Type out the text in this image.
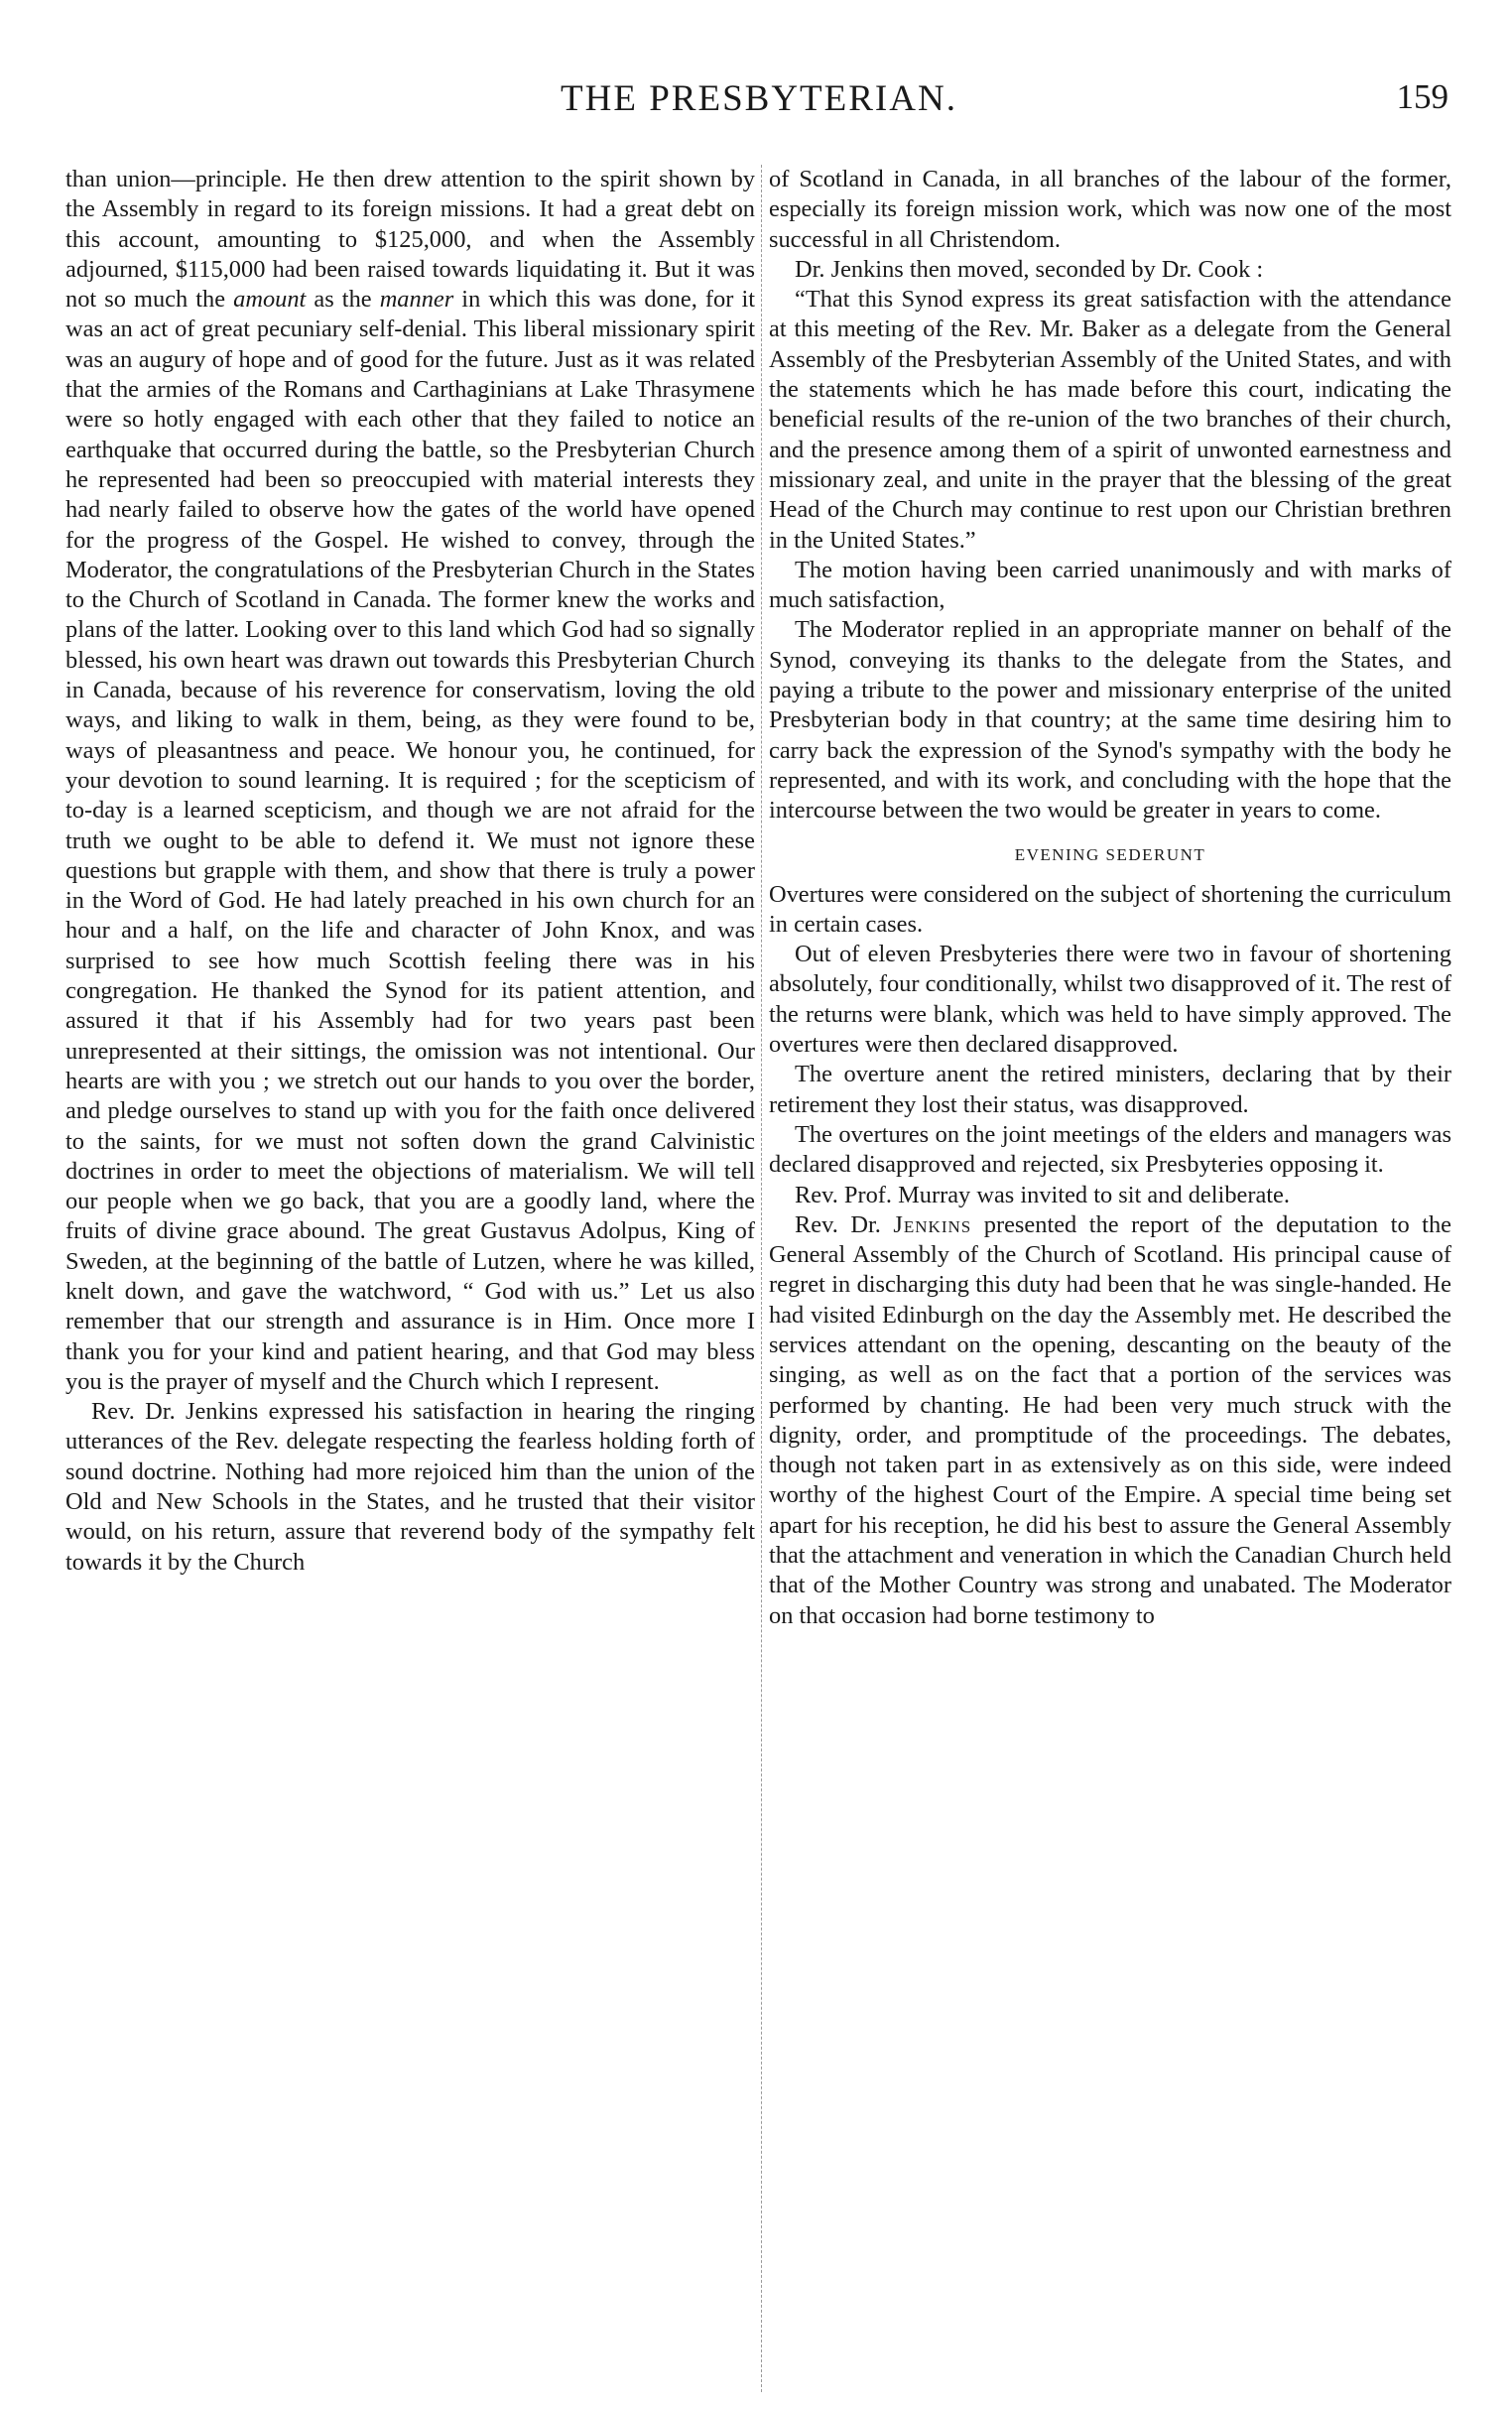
THE PRESBYTERIAN.	159

than union—principle. He then drew attention to the spirit shown by the Assembly in regard to its foreign missions. It had a great debt on this account, amounting to $125,000, and when the Assembly adjourned, $115,000 had been raised towards liquidating it. But it was not so much the amount as the manner in which this was done, for it was an act of great pecuniary self-denial. This liberal missionary spirit was an augury of hope and of good for the future. Just as it was related that the armies of the Romans and Carthaginians at Lake Thrasymene were so hotly engaged with each other that they failed to notice an earthquake that occurred during the battle, so the Presbyterian Church he represented had been so preoccupied with material interests they had nearly failed to observe how the gates of the world have opened for the progress of the Gospel. He wished to convey, through the Moderator, the congratulations of the Presbyterian Church in the States to the Church of Scotland in Canada. The former knew the works and plans of the latter. Looking over to this land which God had so signally blessed, his own heart was drawn out towards this Presbyterian Church in Canada, because of his reverence for conservatism, loving the old ways, and liking to walk in them, being, as they were found to be, ways of pleasantness and peace. We honour you, he continued, for your devotion to sound learning. It is required ; for the scepticism of to-day is a learned scepticism, and though we are not afraid for the truth we ought to be able to defend it. We must not ignore these questions but grapple with them, and show that there is truly a power in the Word of God. He had lately preached in his own church for an hour and a half, on the life and character of John Knox, and was surprised to see how much Scottish feeling there was in his congregation. He thanked the Synod for its patient attention, and assured it that if his Assembly had for two years past been unrepresented at their sittings, the omission was not intentional. Our hearts are with you ; we stretch out our hands to you over the border, and pledge ourselves to stand up with you for the faith once delivered to the saints, for we must not soften down the grand Calvinistic doctrines in order to meet the objections of materialism. We will tell our people when we go back, that you are a goodly land, where the fruits of divine grace abound. The great Gustavus Adolpus, King of Sweden, at the beginning of the battle of Lutzen, where he was killed, knelt down, and gave the watchword, “ God with us.” Let us also remember that our strength and assurance is in Him. Once more I thank you for your kind and patient hearing, and that God may bless you is the prayer of myself and the Church which I represent.

Rev. Dr. Jenkins expressed his satisfaction in hearing the ringing utterances of the Rev. delegate respecting the fearless holding forth of sound doctrine. Nothing had more rejoiced him than the union of the Old and New Schools in the States, and he trusted that their visitor would, on his return, assure that reverend body of the sympathy felt towards it by the Church

of Scotland in Canada, in all branches of the labour of the former, especially its foreign mission work, which was now one of the most successful in all Christendom.

Dr. Jenkins then moved, seconded by Dr. Cook :

“That this Synod express its great satisfaction with the attendance at this meeting of the Rev. Mr. Baker as a delegate from the General Assembly of the Presbyterian Assembly of the United States, and with the statements which he has made before this court, indicating the beneficial results of the re-union of the two branches of their church, and the presence among them of a spirit of unwonted earnestness and missionary zeal, and unite in the prayer that the blessing of the great Head of the Church may continue to rest upon our Christian brethren in the United States.”

The motion having been carried unanimously and with marks of much satisfaction,

The Moderator replied in an appropriate manner on behalf of the Synod, conveying its thanks to the delegate from the States, and paying a tribute to the power and missionary enterprise of the united Presbyterian body in that country; at the same time desiring him to carry back the expression of the Synod's sympathy with the body he represented, and with its work, and concluding with the hope that the intercourse between the two would be greater in years to come.

EVENING SEDERUNT

Overtures were considered on the subject of shortening the curriculum in certain cases.

Out of eleven Presbyteries there were two in favour of shortening absolutely, four conditionally, whilst two disapproved of it. The rest of the returns were blank, which was held to have simply approved. The overtures were then declared disapproved.

The overture anent the retired ministers, declaring that by their retirement they lost their status, was disapproved.

The overtures on the joint meetings of the elders and managers was declared disapproved and rejected, six Presbyteries opposing it.

Rev. Prof. Murray was invited to sit and deliberate.

Rev. Dr. Jenkins presented the report of the deputation to the General Assembly of the Church of Scotland. His principal cause of regret in discharging this duty had been that he was single-handed. He had visited Edinburgh on the day the Assembly met. He described the services attendant on the opening, descanting on the beauty of the singing, as well as on the fact that a portion of the services was performed by chanting. He had been very much struck with the dignity, order, and promptitude of the proceedings. The debates, though not taken part in as extensively as on this side, were indeed worthy of the highest Court of the Empire. A special time being set apart for his reception, he did his best to assure the General Assembly that the attachment and veneration in which the Canadian Church held that of the Mother Country was strong and unabated. The Moderator on that occasion had borne testimony to
